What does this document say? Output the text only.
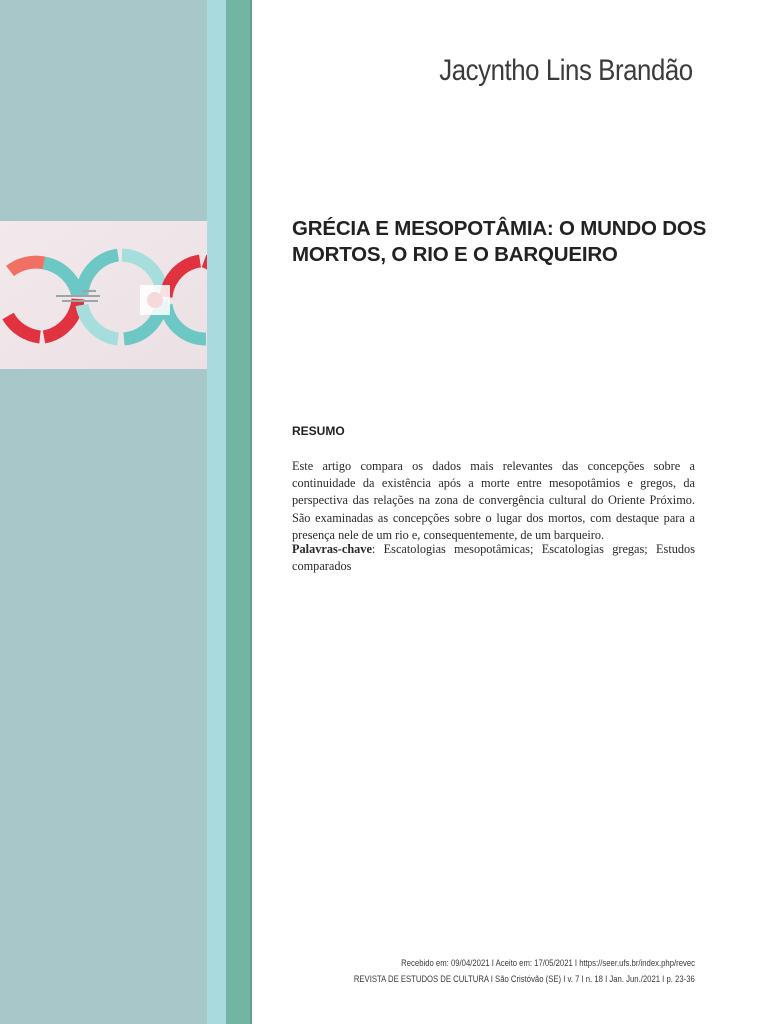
Jacyntho Lins Brandão
GRÉCIA E MESOPOTÂMIA: O MUNDO DOS MORTOS, O RIO E O BARQUEIRO
RESUMO

Este artigo compara os dados mais relevantes das concepções sobre a continuidade da existência após a morte entre mesopotâmios e gregos, da perspectiva das relações na zona de convergência cultural do Oriente Próximo. São examinadas as concepções sobre o lugar dos mortos, com destaque para a presença nele de um rio e, consequentemente, de um barqueiro.

Palavras-chave: Escatologias mesopotâmicas; Escatologias gregas; Estudos comparados

Recebido em: 09/04/2021 I Aceito em: 17/05/2021 I https://seer.ufs.br/index.php/revec
REVISTA DE ESTUDOS DE CULTURA I São Cristóvão (SE) I v. 7 I n. 18 I Jan. Jun./2021 I p. 23-36
